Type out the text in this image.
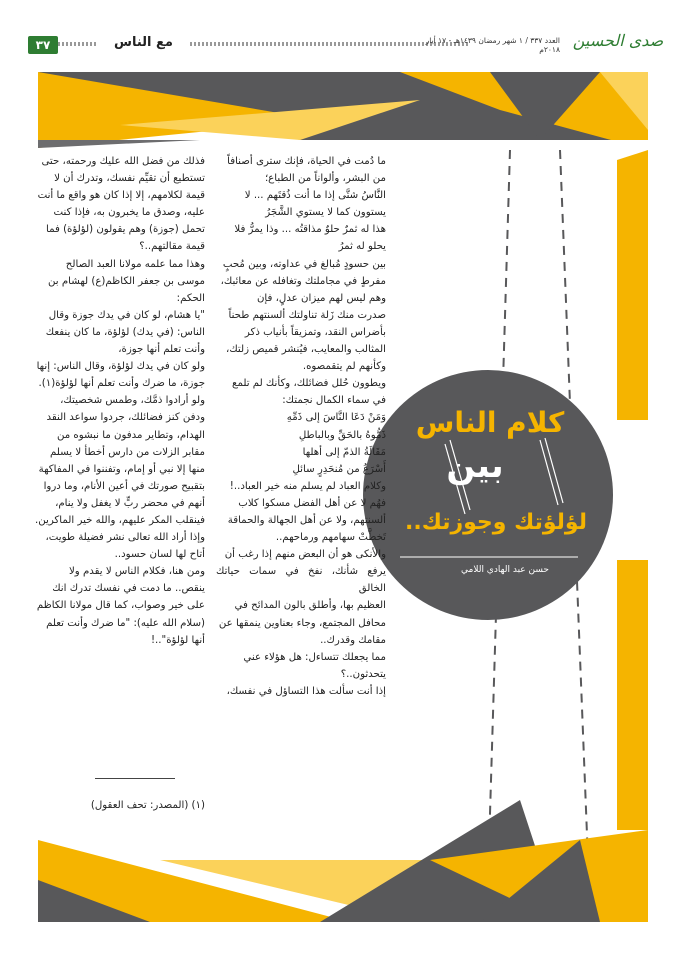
٣٧	مع الناس	العدد ٣٣٧ / ١ شهر رمضان ١٤٣٩هـ - ١٧ أيار ٢٠١٨م صدى الحسين
كلام الناس
بين
لؤلؤتك وجوزتك..
حسن عبد الهادي اللامي
ما دُمت في الحياة، فإنك سترى أصنافاً
من البشر، وألواناً من الطباع؛
النَّاسُ شتَّى إذا ما أنت ذُقتَهم ... لا
يستوون كما لا يستوي الشَّجَرُ
هذا له ثمرٌ حلوٌ مذاقتُه ... وذا يمرُّ فلا
يحلو له ثمرُ
بين حسودٍ مُبالغ في عداوته، وبين مُحبٍ
مفرطٍ في مجاملتك وتغافله عن معائبك،
وهم ليس لهم ميزان عدلٍ، فإن
صدرت منك زَلة تناولتك ألسنتهم طحناً
بأضراس النقد، وتمزيقاً بأنياب ذكر
المثالب والمعايب، فيُنشر قميص زلتك،
وكأنهم لم يتقمصوه.
ويطوون حُلل فضائلك، وكأنك لم تلمع
في سماء الكمال نجمتك:
وَمَنْ دَعَا النَّاسَ إلى ذَمِّهِ
ذَمُّوهُ بالحَقِّ وبالباطلِ
مَقَالَةُ الذمّ إلى أهلها
أَسْرَعُ من مُنحَدِرٍ سائلِ
وكلام العباد لم يسلم منه خير العباد..!
فهُم لا عن أهل الفضل مسكوا كلاب
ألسنتهم، ولا عن أهل الجهالة والحماقة
تَخطَّتْ سهامهم ورماحهم..
والأنكى هو أن البعض منهم إذا رغب أن
يرفع شأنك، نفخ في سمات حياتك الخالق
العظيم بها، وأطلق بالون المدائح في
محافل المجتمع، وجاء بعناوين ينمقها عن
مقامك وقدرك..
مما يجعلك تتساءل: هل هؤلاء عني
يتحدثون..؟
إذا أنت سألت هذا التساؤل في نفسك،
فذلك من فضل الله عليك ورحمته، حتى
تستطيع أن تقيِّم نفسك، وتدرك أن لا
قيمة لكلامهم، إلا إذا كان هو واقع ما أنت
عليه، وصدق ما يخبرون به، فإذا كنت
تحمل (جوزة) وهم يقولون (لؤلؤة) فما
قيمة مقالتهم..؟
وهذا مما علمه مولانا العبد الصالح
موسى بن جعفر الكاظم(ع) لهشام بن
الحكم:
"يا هشام، لو كان في يدك جوزة وقال
الناس: (في يدك) لؤلؤة، ما كان ينفعك
وأنت تعلم أنها جوزة،
ولو كان في يدك لؤلؤة، وقال الناس: إنها
جوزة، ما ضرك وأنت تعلم أنها لؤلؤة(١).
ولو أرادوا ذمَّك، وطمس شخصيتك،
ودفن كنز فضائلك، جردوا سواعد النقد
الهدام، وتطاير مدفون ما نبشوه من
مقابر الزلات من دارس أخطأ لا يسلم
منها إلا نبي أو إمام، وتفننوا في المفاكهة
بتقبيح صورتك في أعين الأنام، وما دروا
أنهم في محضر ربٍّ لا يغفل ولا ينام،
فينقلب المكر عليهم، والله خير الماكرين.
وإذا أراد الله تعالى نشر فضيلة طويت،
أتاح لها لسان حسود..
ومن هنا، فكلام الناس لا يقدم ولا
ينقص.. ما دمت في نفسك تدرك انك
على خير وصواب، كما قال مولانا الكاظم
(سلام الله عليه): "ما ضرك وأنت تعلم
أنها لؤلؤة"..!
(١) (المصدر: تحف العقول)
